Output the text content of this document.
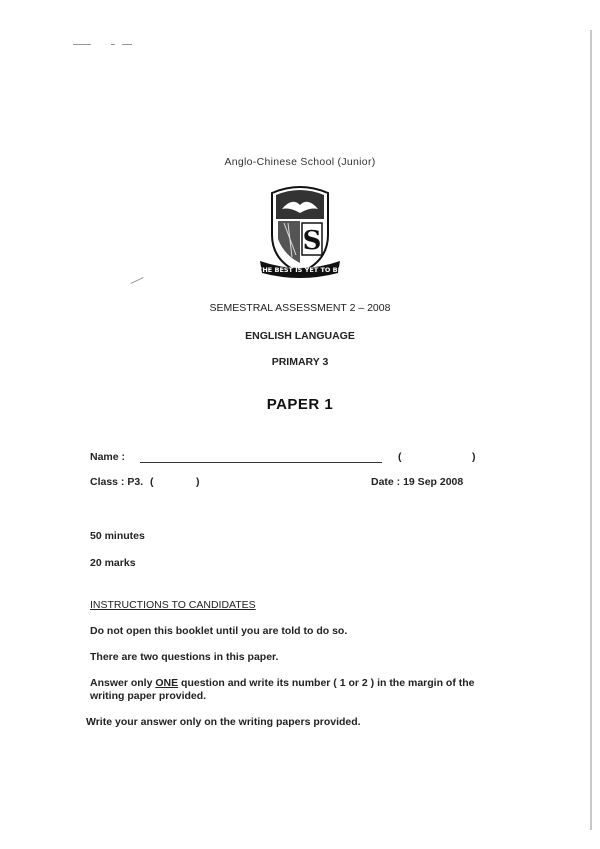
Anglo-Chinese School (Junior)
S
THE BEST IS YET TO BE
SEMESTRAL ASSESSMENT 2 – 2008
ENGLISH LANGUAGE
PRIMARY 3
PAPER 1
Name :	(	)
Class : P3. (	)	Date : 19 Sep 2008
50 minutes
20 marks
INSTRUCTIONS TO CANDIDATES
Do not open this booklet until you are told to do so.
There are two questions in this paper.
Answer only ONE question and write its number ( 1 or 2 ) in the margin of the writing paper provided.
Write your answer only on the writing papers provided.
